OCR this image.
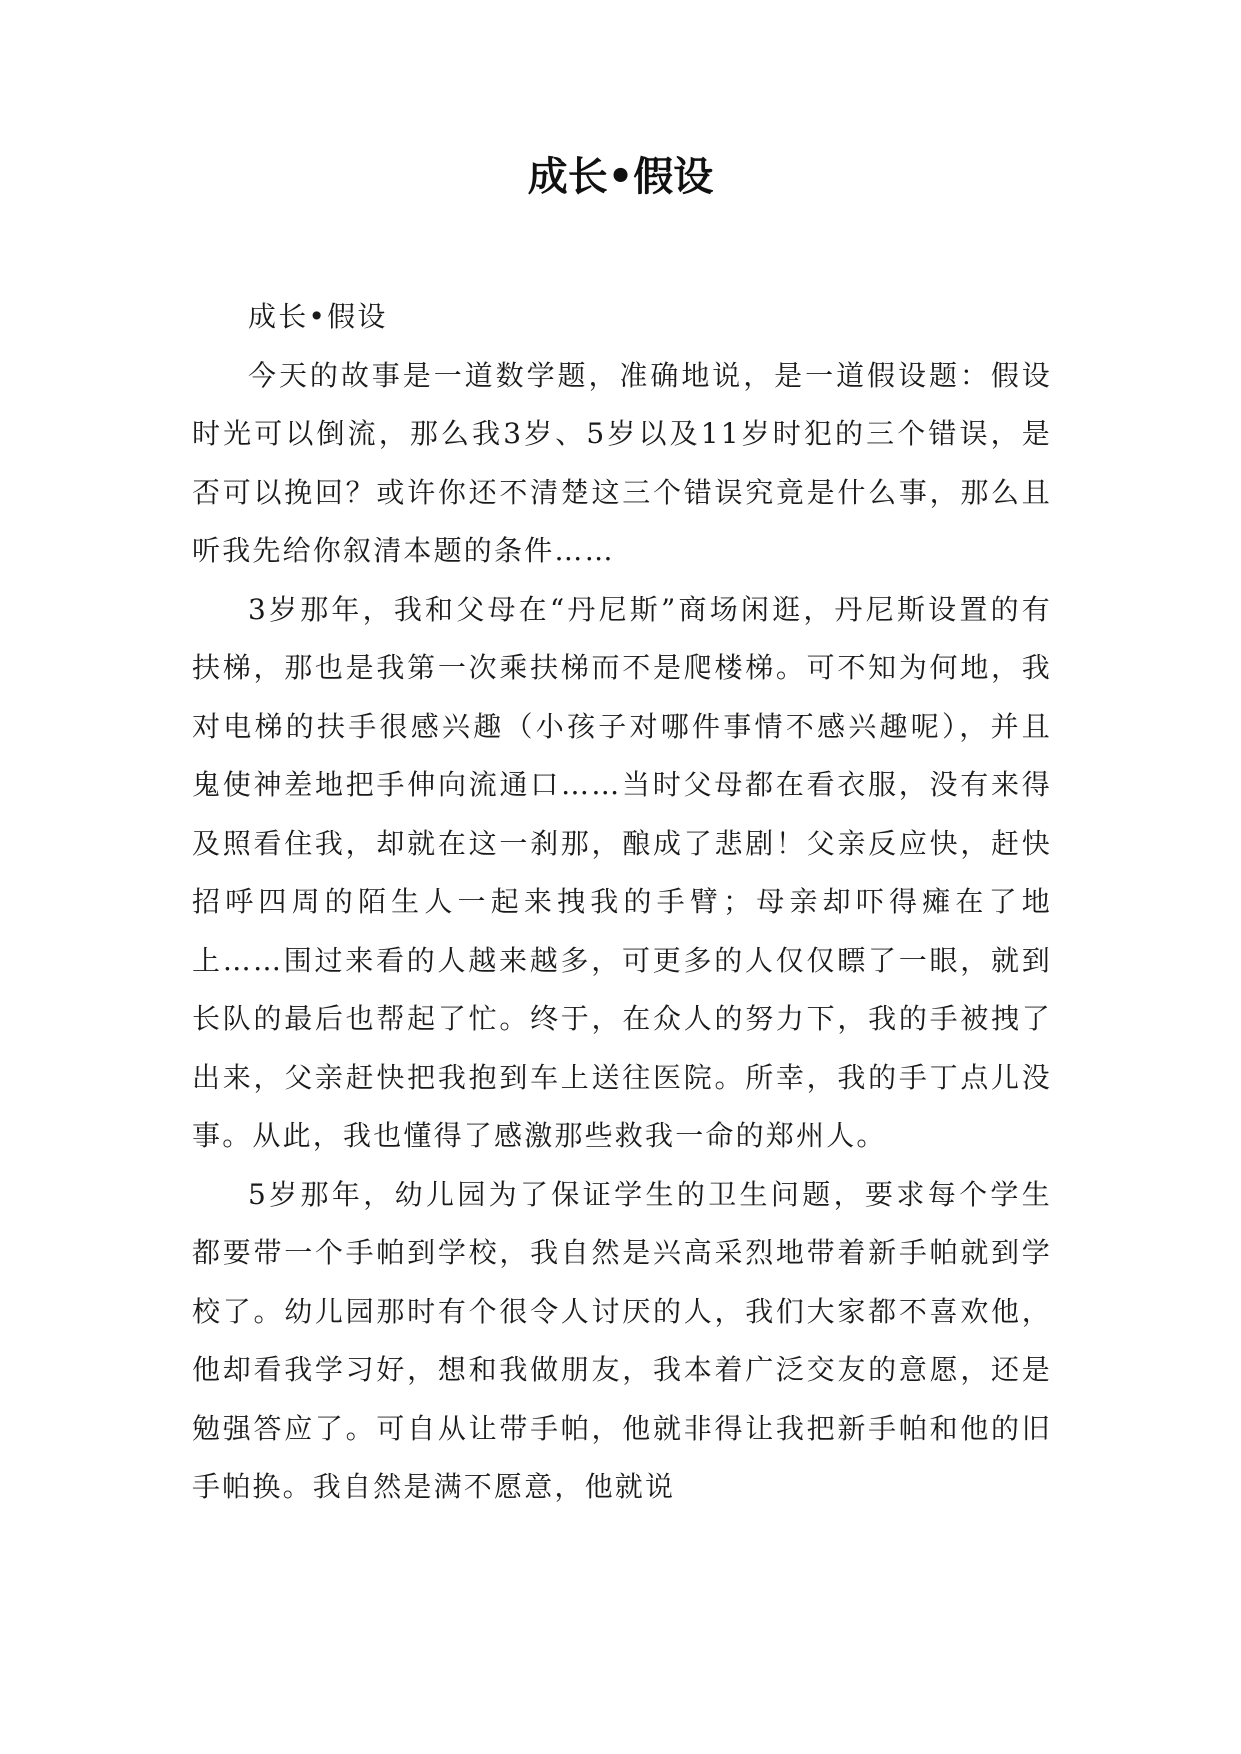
成长•假设

成长•假设

今天的故事是一道数学题，准确地说，是一道假设题：假设时光可以倒流，那么我3岁、5岁以及11岁时犯的三个错误，是否可以挽回？或许你还不清楚这三个错误究竟是什么事，那么且听我先给你叙清本题的条件……

3岁那年，我和父母在“丹尼斯”商场闲逛，丹尼斯设置的有扶梯，那也是我第一次乘扶梯而不是爬楼梯。可不知为何地，我对电梯的扶手很感兴趣（小孩子对哪件事情不感兴趣呢），并且鬼使神差地把手伸向流通口……当时父母都在看衣服，没有来得及照看住我，却就在这一刹那，酿成了悲剧！父亲反应快，赶快招呼四周的陌生人一起来拽我的手臂；母亲却吓得瘫在了地上……围过来看的人越来越多，可更多的人仅仅瞟了一眼，就到长队的最后也帮起了忙。终于，在众人的努力下，我的手被拽了出来，父亲赶快把我抱到车上送往医院。所幸，我的手丁点儿没事。从此，我也懂得了感激那些救我一命的郑州人。

5岁那年，幼儿园为了保证学生的卫生问题，要求每个学生都要带一个手帕到学校，我自然是兴高采烈地带着新手帕就到学校了。幼儿园那时有个很令人讨厌的人，我们大家都不喜欢他，他却看我学习好，想和我做朋友，我本着广泛交友的意愿，还是勉强答应了。可自从让带手帕，他就非得让我把新手帕和他的旧手帕换。我自然是满不愿意，他就说
